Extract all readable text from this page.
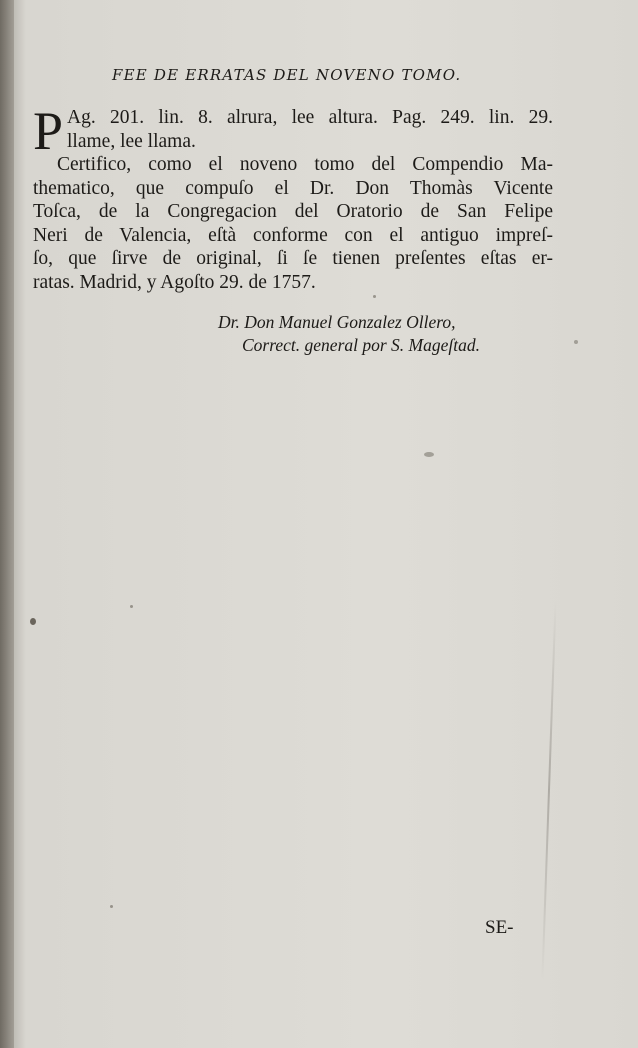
FEE DE ERRATAS DEL NOVENO TOMO.
P Ag. 201. lin. 8. alrura, lee altura. Pag. 249. lin. 29.
llame, lee llama.
Certifico, como el noveno tomo del Compendio Ma-
thematico, que compuſo el Dr. Don Thomàs Vicente
Toſca, de la Congregacion del Oratorio de San Felipe
Neri de Valencia, eſtà conforme con el antiguo impreſ-
ſo, que ſirve de original, ſi ſe tienen preſentes eſtas er-
ratas. Madrid, y Agoſto 29. de 1757.
Dr. Don Manuel Gonzalez Ollero,
Correct. general por S. Mageſtad.
SE-
